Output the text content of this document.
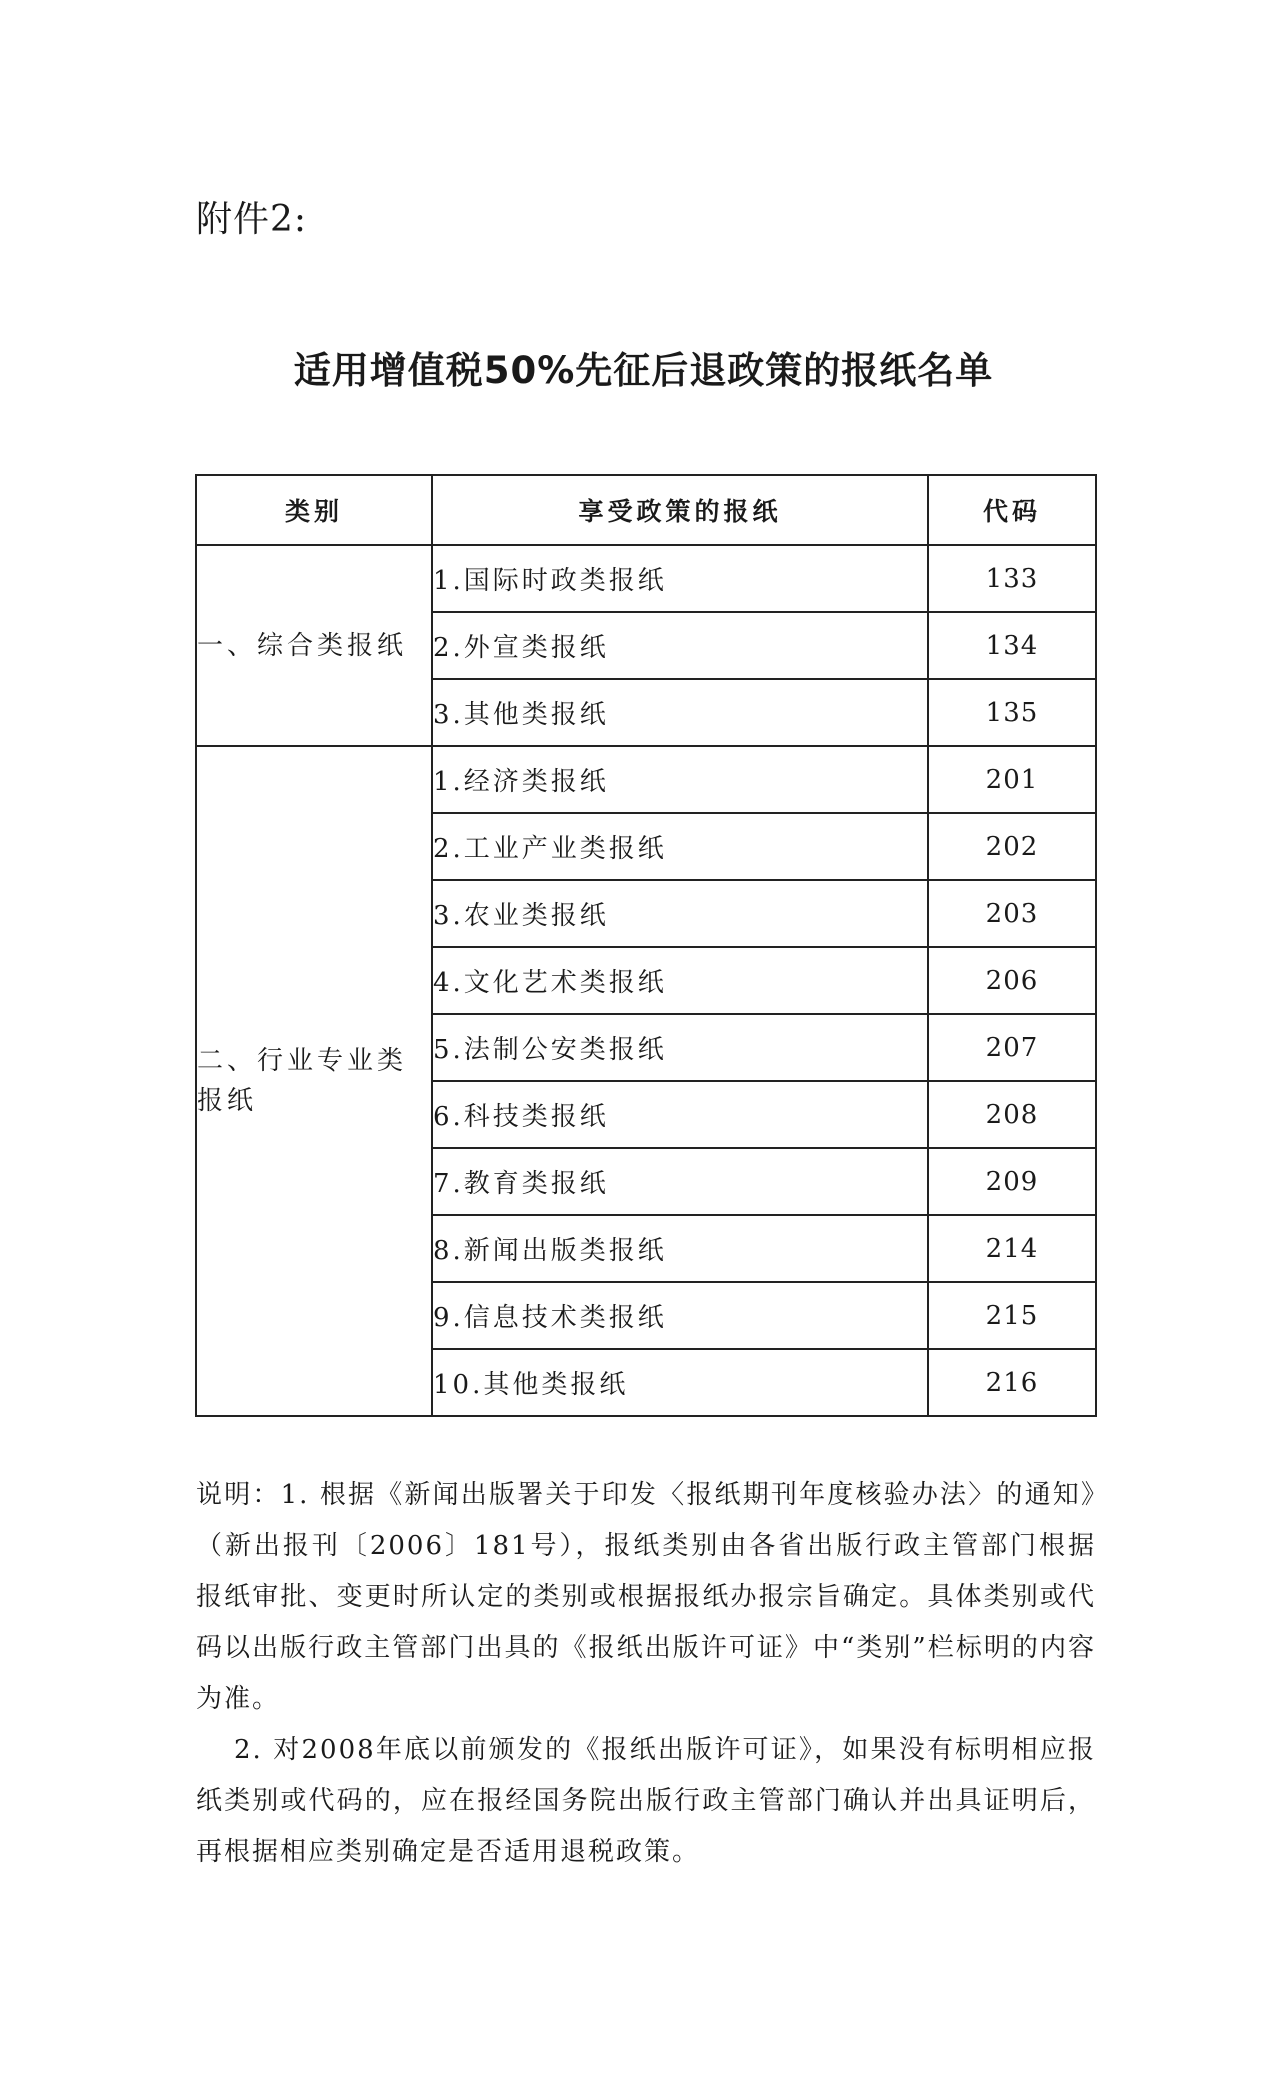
附件2:
适用增值税50%先征后退政策的报纸名单
类别	享受政策的报纸	代码
一、综合类报纸	1.国际时政类报纸	133
	2.外宣类报纸	134
	3.其他类报纸	135
二、行业专业类报纸	1.经济类报纸	201
	2.工业产业类报纸	202
	3.农业类报纸	203
	4.文化艺术类报纸	206
	5.法制公安类报纸	207
	6.科技类报纸	208
	7.教育类报纸	209
	8.新闻出版类报纸	214
	9.信息技术类报纸	215
	10.其他类报纸	216

说明：1. 根据《新闻出版署关于印发〈报纸期刊年度核验办法〉的通知》（新出报刊〔2006〕181号），报纸类别由各省出版行政主管部门根据报纸审批、变更时所认定的类别或根据报纸办报宗旨确定。具体类别或代码以出版行政主管部门出具的《报纸出版许可证》中“类别”栏标明的内容为准。

2. 对2008年底以前颁发的《报纸出版许可证》，如果没有标明相应报纸类别或代码的，应在报经国务院出版行政主管部门确认并出具证明后，再根据相应类别确定是否适用退税政策。
